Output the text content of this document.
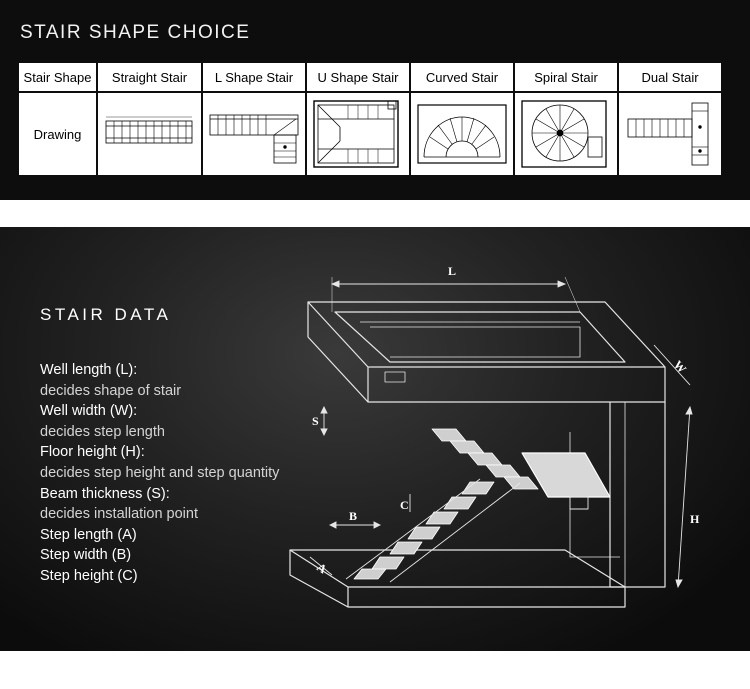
STAIR SHAPE CHOICE
Stair Shape	Straight Stair	L Shape Stair	U Shape Stair	Curved Stair	Spiral Stair	Dual Stair
Drawing	

STAIR DATA
Well length (L):
decides shape of stair
Well width (W):
decides step length
Floor height (H):
decides step height and step quantity
Beam thickness (S):
decides installation point
Step length (A)
Step width (B)
Step height (C)
L
W
S
H
C
B
A
